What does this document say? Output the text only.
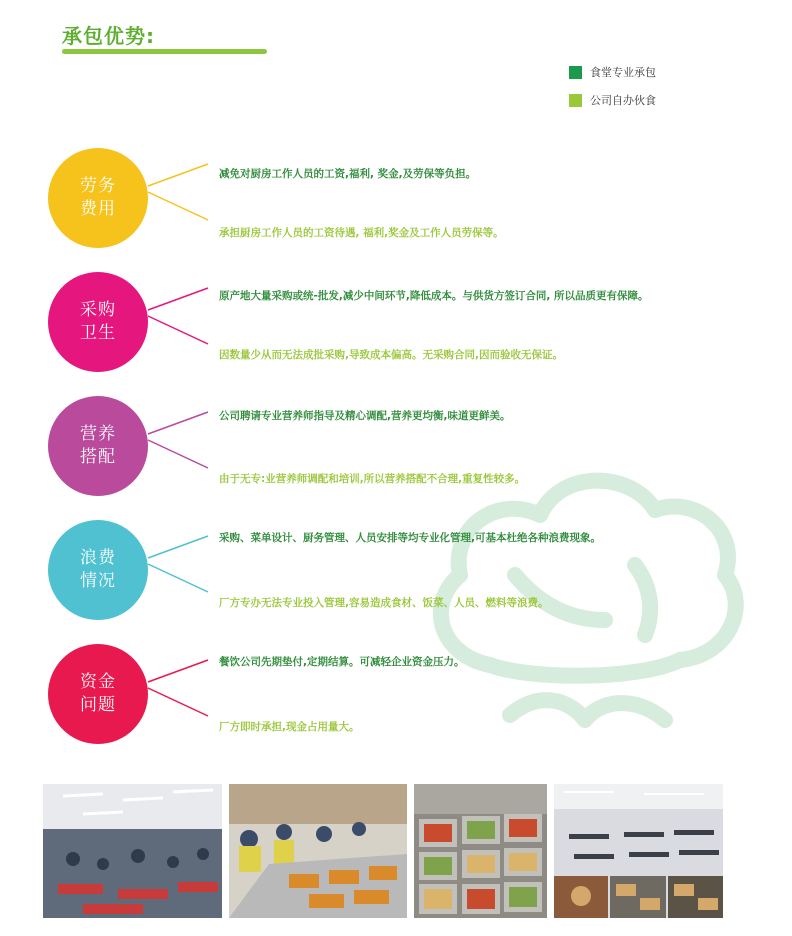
承包优势:
食堂专业承包
公司自办伙食
劳务
费用
减免对厨房工作人员的工资,福利, 奖金,及劳保等负担。
承担厨房工作人员的工资待遇, 福利,奖金及工作人员劳保等。
采购
卫生
原产地大量采购或统-批发,减少中间环节,降低成本。与供货方签订合同, 所以品质更有保障。
因数量少从而无法成批采购,导致成本偏高。无采购合同,因而验收无保证。
营养
搭配
公司聘请专业营养师指导及精心调配,营养更均衡,味道更鲜美。
由于无专:业营养师调配和培训,所以营养搭配不合理,重复性较多。
浪费
情况
采购、菜单设计、厨务管理、人员安排等均专业化管理,可基本杜绝各种浪费现象。
厂方专办无法专业投入管理,容易造成食材、饭菜、人员、燃料等浪费。
资金
问题
餐饮公司先期垫付,定期结算。可减轻企业资金压力。
厂方即时承担,现金占用量大。
